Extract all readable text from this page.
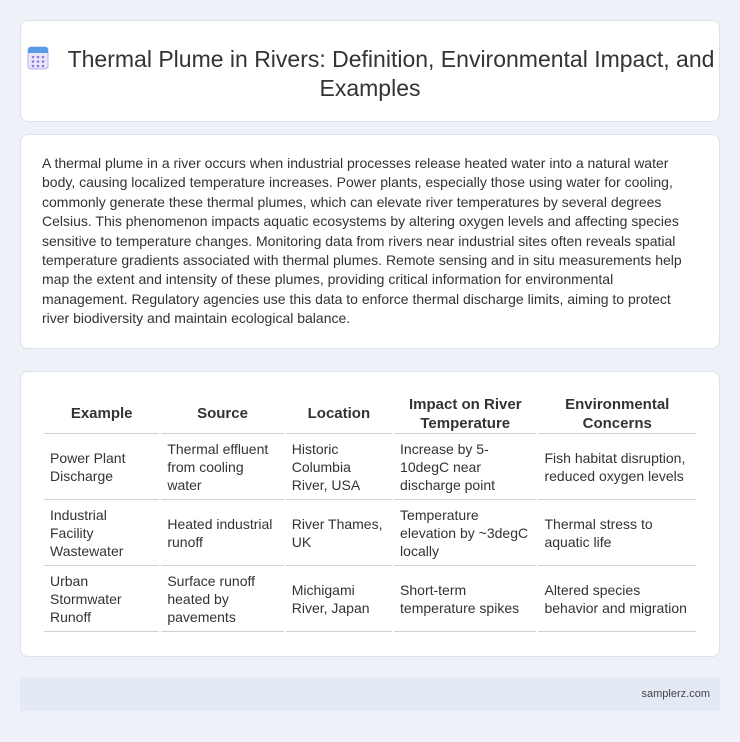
Thermal Plume in Rivers: Definition, Environmental Impact, and Examples

A thermal plume in a river occurs when industrial processes release heated water into a natural water body, causing localized temperature increases. Power plants, especially those using water for cooling, commonly generate these thermal plumes, which can elevate river temperatures by several degrees Celsius. This phenomenon impacts aquatic ecosystems by altering oxygen levels and affecting species sensitive to temperature changes. Monitoring data from rivers near industrial sites often reveals spatial temperature gradients associated with thermal plumes. Remote sensing and in situ measurements help map the extent and intensity of these plumes, providing critical information for environmental management. Regulatory agencies use this data to enforce thermal discharge limits, aiming to protect river biodiversity and maintain ecological balance.

Example	Source	Location	Impact on River Temperature	Environmental Concerns
Power Plant Discharge	Thermal effluent from cooling water	Historic Columbia River, USA	Increase by 5-10degC near discharge point	Fish habitat disruption, reduced oxygen levels
Industrial Facility Wastewater	Heated industrial runoff	River Thames, UK	Temperature elevation by ~3degC locally	Thermal stress to aquatic life
Urban Stormwater Runoff	Surface runoff heated by pavements	Michigami River, Japan	Short-term temperature spikes	Altered species behavior and migration
samplerz.com
